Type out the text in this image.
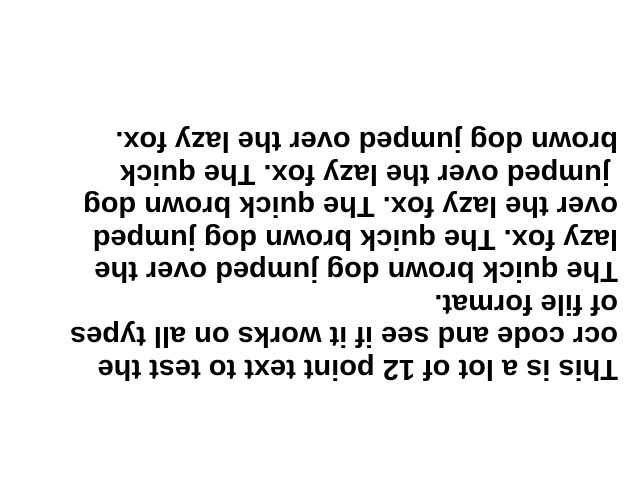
This is a lot of 12 point text to test the
ocr code and see if it works on all types
of file format.
The quick brown dog jumped over the
lazy fox. The quick brown dog jumped
over the lazy fox. The quick brown dog
jumped over the lazy fox. The quick
brown dog jumped over the lazy fox.
